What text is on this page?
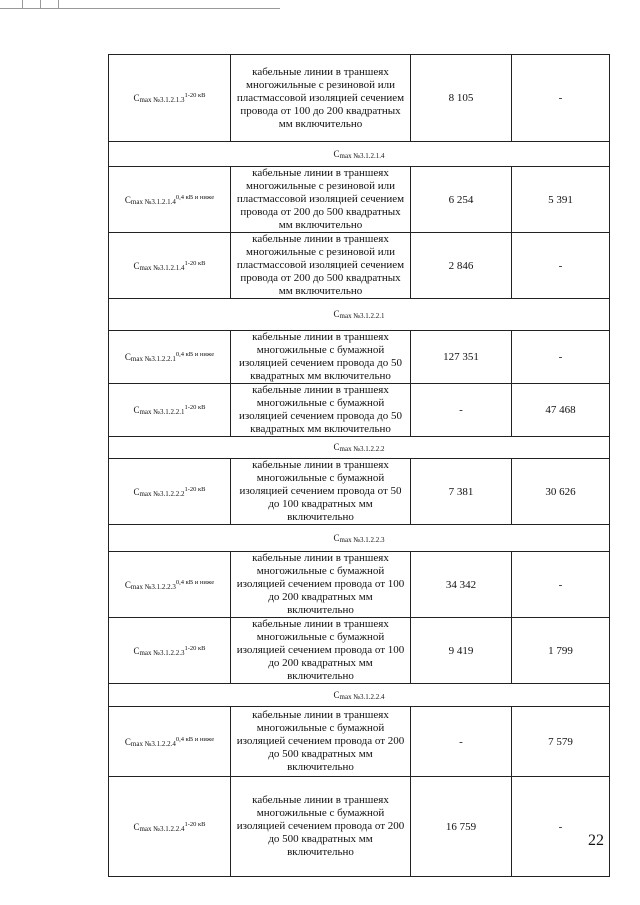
$C_{max №3.1.2.1.3}^{1-20 кВ}$	кабельные линии в траншеях многожильные с резиновой или пластмассовой изоляцией сечением провода от 100 до 200 квадратных мм включительно	8 105	-
$C_{max №3.1.2.1.4}$
$C_{max №3.1.2.1.4}^{0,4 кВ и ниже}$	кабельные линии в траншеях многожильные с резиновой или пластмассовой изоляцией сечением провода от 200 до 500 квадратных мм включительно	6 254	5 391
$C_{max №3.1.2.1.4}^{1-20 кВ}$	кабельные линии в траншеях многожильные с резиновой или пластмассовой изоляцией сечением провода от 200 до 500 квадратных мм включительно	2 846	-
$C_{max №3.1.2.2.1}$
$C_{max №3.1.2.2.1}^{0,4 кВ и ниже}$	кабельные линии в траншеях многожильные с бумажной изоляцией сечением провода до 50 квадратных мм включительно	127 351	-
$C_{max №3.1.2.2.1}^{1-20 кВ}$	кабельные линии в траншеях многожильные с бумажной изоляцией сечением провода до 50 квадратных мм включительно	-	47 468
$C_{max №3.1.2.2.2}$
$C_{max №3.1.2.2.2}^{1-20 кВ}$	кабельные линии в траншеях многожильные с бумажной изоляцией сечением провода от 50 до 100 квадратных мм включительно	7 381	30 626
$C_{max №3.1.2.2.3}$
$C_{max №3.1.2.2.3}^{0,4 кВ и ниже}$	кабельные линии в траншеях многожильные с бумажной изоляцией сечением провода от 100 до 200 квадратных мм включительно	34 342	-
$C_{max №3.1.2.2.3}^{1-20 кВ}$	кабельные линии в траншеях многожильные с бумажной изоляцией сечением провода от 100 до 200 квадратных мм включительно	9 419	1 799
$C_{max №3.1.2.2.4}$
$C_{max №3.1.2.2.4}^{0,4 кВ и ниже}$	кабельные линии в траншеях многожильные с бумажной изоляцией сечением провода от 200 до 500 квадратных мм включительно	-	7 579
$C_{max №3.1.2.2.4}^{1-20 кВ}$	кабельные линии в траншеях многожильные с бумажной изоляцией сечением провода от 200 до 500 квадратных мм включительно	16 759	-
22
